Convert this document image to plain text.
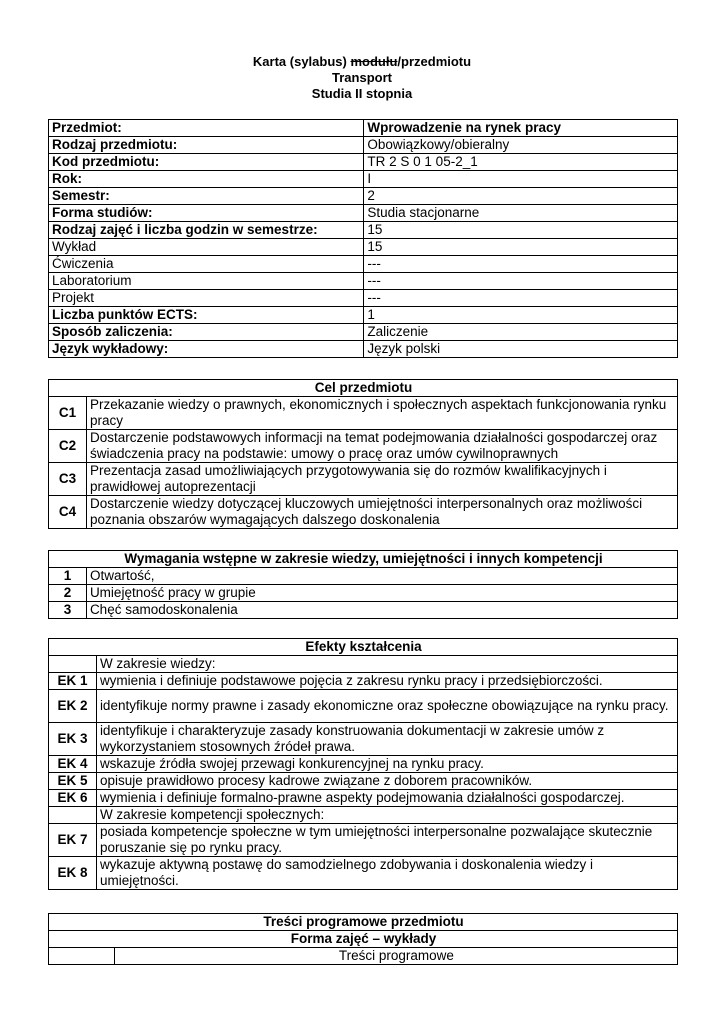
Karta (sylabus) modułu/przedmiotu
Transport
Studia II stopnia
Przedmiot:	Wprowadzenie na rynek pracy
Rodzaj przedmiotu:	Obowiązkowy/obieralny
Kod przedmiotu:	TR 2 S 0 1 05-2_1
Rok:	I
Semestr:	2
Forma studiów:	Studia stacjonarne
Rodzaj zajęć i liczba godzin w semestrze:	15
Wykład	15
Ćwiczenia	---
Laboratorium	---
Projekt	---
Liczba punktów ECTS:	1
Sposób zaliczenia:	Zaliczenie
Język wykładowy:	Język polski
Cel przedmiotu	
C1	Przekazanie wiedzy o prawnych, ekonomicznych i społecznych aspektach funkcjonowania rynku pracy
C2	Dostarczenie podstawowych informacji na temat podejmowania działalności gospodarczej oraz świadczenia pracy na podstawie: umowy o pracę oraz umów cywilnoprawnych
C3	Prezentacja zasad umożliwiających przygotowywania się do rozmów kwalifikacyjnych i prawidłowej autoprezentacji
C4	Dostarczenie wiedzy dotyczącej kluczowych umiejętności interpersonalnych oraz możliwości poznania obszarów wymagających dalszego doskonalenia
Wymagania wstępne w zakresie wiedzy, umiejętności i innych kompetencji	
1	Otwartość,
2	Umiejętność pracy w grupie
3	Chęć samodoskonalenia
Efekty kształcenia	
	W zakresie wiedzy:
EK 1	wymienia i definiuje podstawowe pojęcia z zakresu rynku pracy i przedsiębiorczości.
EK 2	identyfikuje normy prawne i zasady ekonomiczne oraz społeczne obowiązujące na rynku pracy.
EK 3	identyfikuje i charakteryzuje zasady konstruowania dokumentacji w zakresie umów z wykorzystaniem stosownych źródeł prawa.
EK 4	wskazuje źródła swojej przewagi konkurencyjnej na rynku pracy.
EK 5	opisuje prawidłowo procesy kadrowe związane z doborem pracowników.
EK 6	wymienia i definiuje formalno-prawne aspekty podejmowania działalności gospodarczej.
	W zakresie kompetencji społecznych:
EK 7	posiada kompetencje społeczne w tym umiejętności interpersonalne pozwalające skutecznie poruszanie się po rynku pracy.
EK 8	wykazuje aktywną postawę do samodzielnego zdobywania i doskonalenia wiedzy i umiejętności.
Treści programowe przedmiotu
Forma zajęć – wykłady
	Treści programowe
